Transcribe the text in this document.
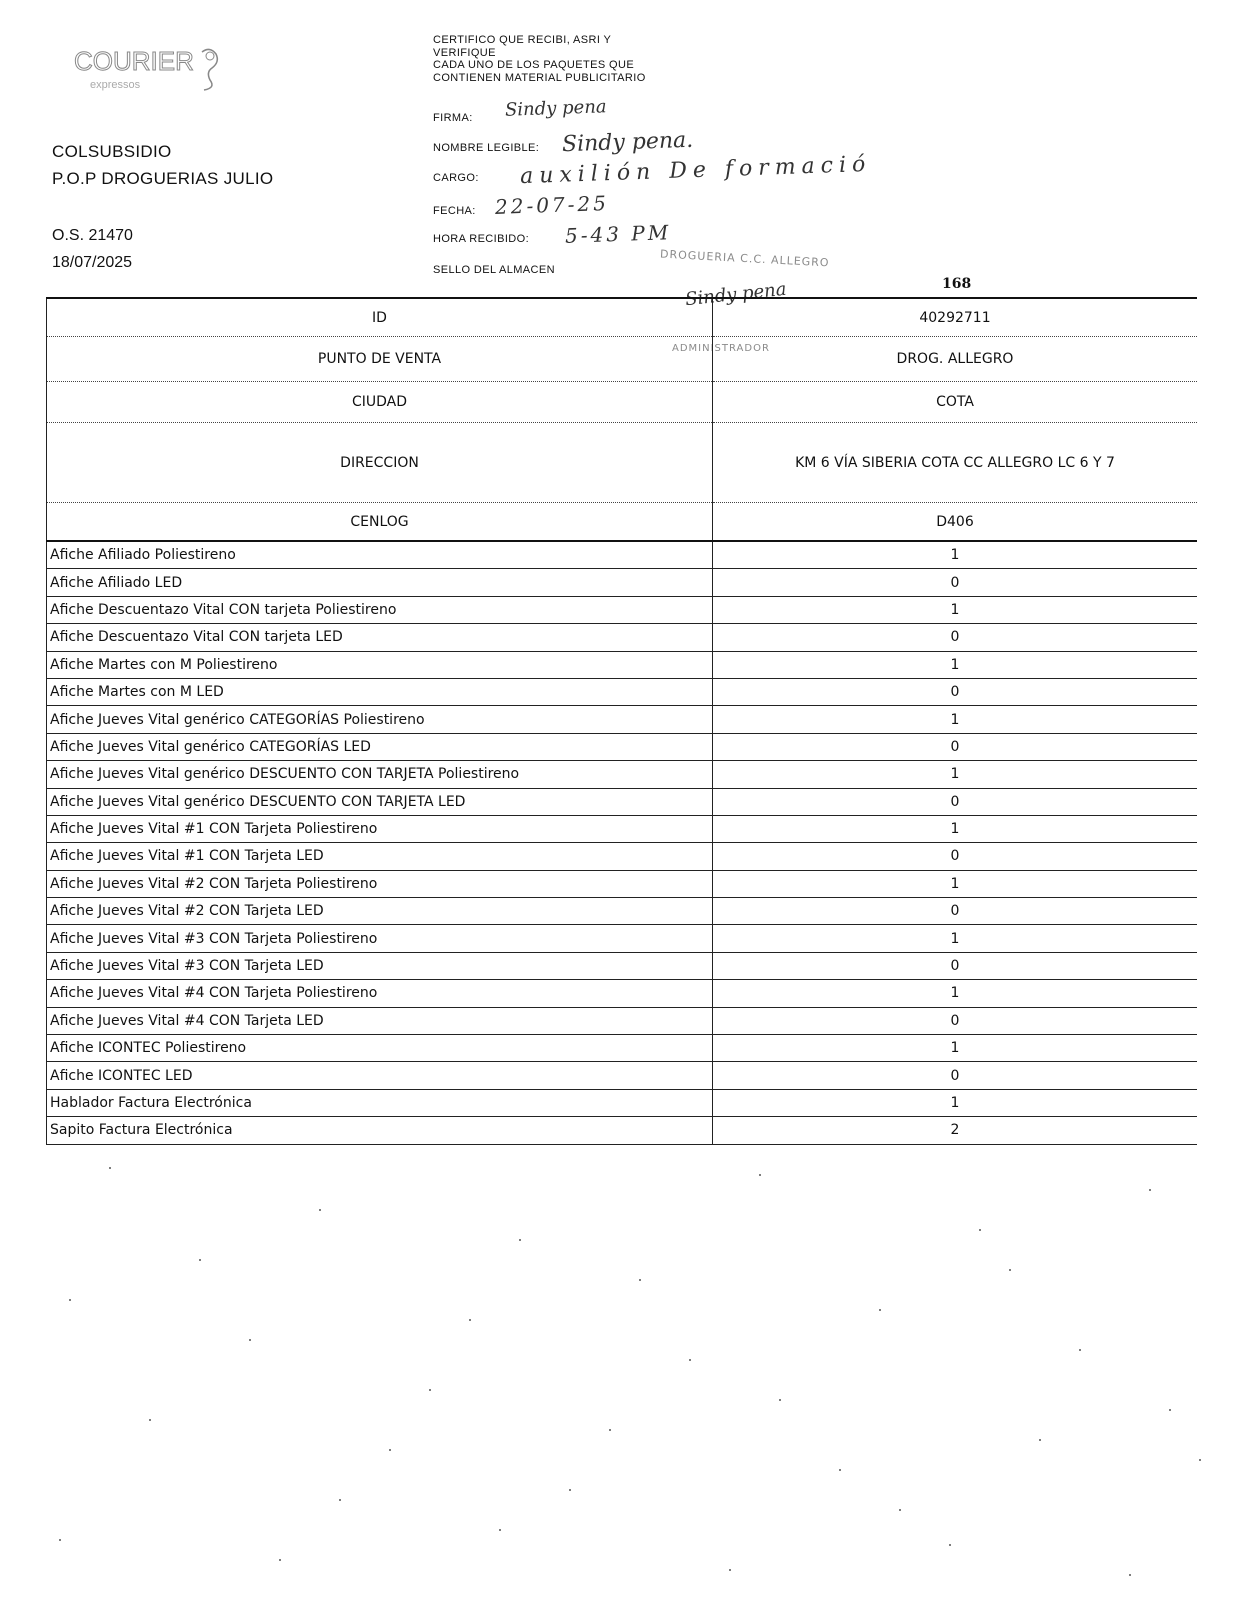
COURIER
expressos
COLSUBSIDIO
P.O.P DROGUERIAS JULIO
O.S. 21470
18/07/2025
CERTIFICO QUE RECIBI, ASRI Y
VERIFIQUE
CADA UNO DE LOS PAQUETES QUE
CONTIENEN MATERIAL PUBLICITARIO
FIRMA: Sindy pena
NOMBRE LEGIBLE: Sindy pena.
CARGO: auxilión De formació
FECHA: 22-07-25
HORA RECIBIDO: 5-43 PM
SELLO DEL ALMACEN
DROGUERIA C.C. ALLEGRO
ADMINISTRADOR
Sindy pena	168
ID	40292711
PUNTO DE VENTA	DROG. ALLEGRO
CIUDAD	COTA
DIRECCION	KM 6 VÍA SIBERIA COTA CC ALLEGRO LC 6 Y 7
CENLOG	D406
Afiche Afiliado Poliestireno	1
Afiche Afiliado LED	0
Afiche Descuentazo Vital CON tarjeta Poliestireno	1
Afiche Descuentazo Vital CON tarjeta LED	0
Afiche Martes con M Poliestireno	1
Afiche Martes con M LED	0
Afiche Jueves Vital genérico CATEGORÍAS Poliestireno	1
Afiche Jueves Vital genérico CATEGORÍAS LED	0
Afiche Jueves Vital genérico DESCUENTO CON TARJETA Poliestireno	1
Afiche Jueves Vital genérico DESCUENTO CON TARJETA LED	0
Afiche Jueves Vital #1 CON Tarjeta Poliestireno	1
Afiche Jueves Vital #1 CON Tarjeta LED	0
Afiche Jueves Vital #2 CON Tarjeta Poliestireno	1
Afiche Jueves Vital #2 CON Tarjeta LED	0
Afiche Jueves Vital #3 CON Tarjeta Poliestireno	1
Afiche Jueves Vital #3 CON Tarjeta LED	0
Afiche Jueves Vital #4 CON Tarjeta Poliestireno	1
Afiche Jueves Vital #4 CON Tarjeta LED	0
Afiche ICONTEC Poliestireno	1
Afiche ICONTEC LED	0
Hablador Factura Electrónica	1
Sapito Factura Electrónica	2
